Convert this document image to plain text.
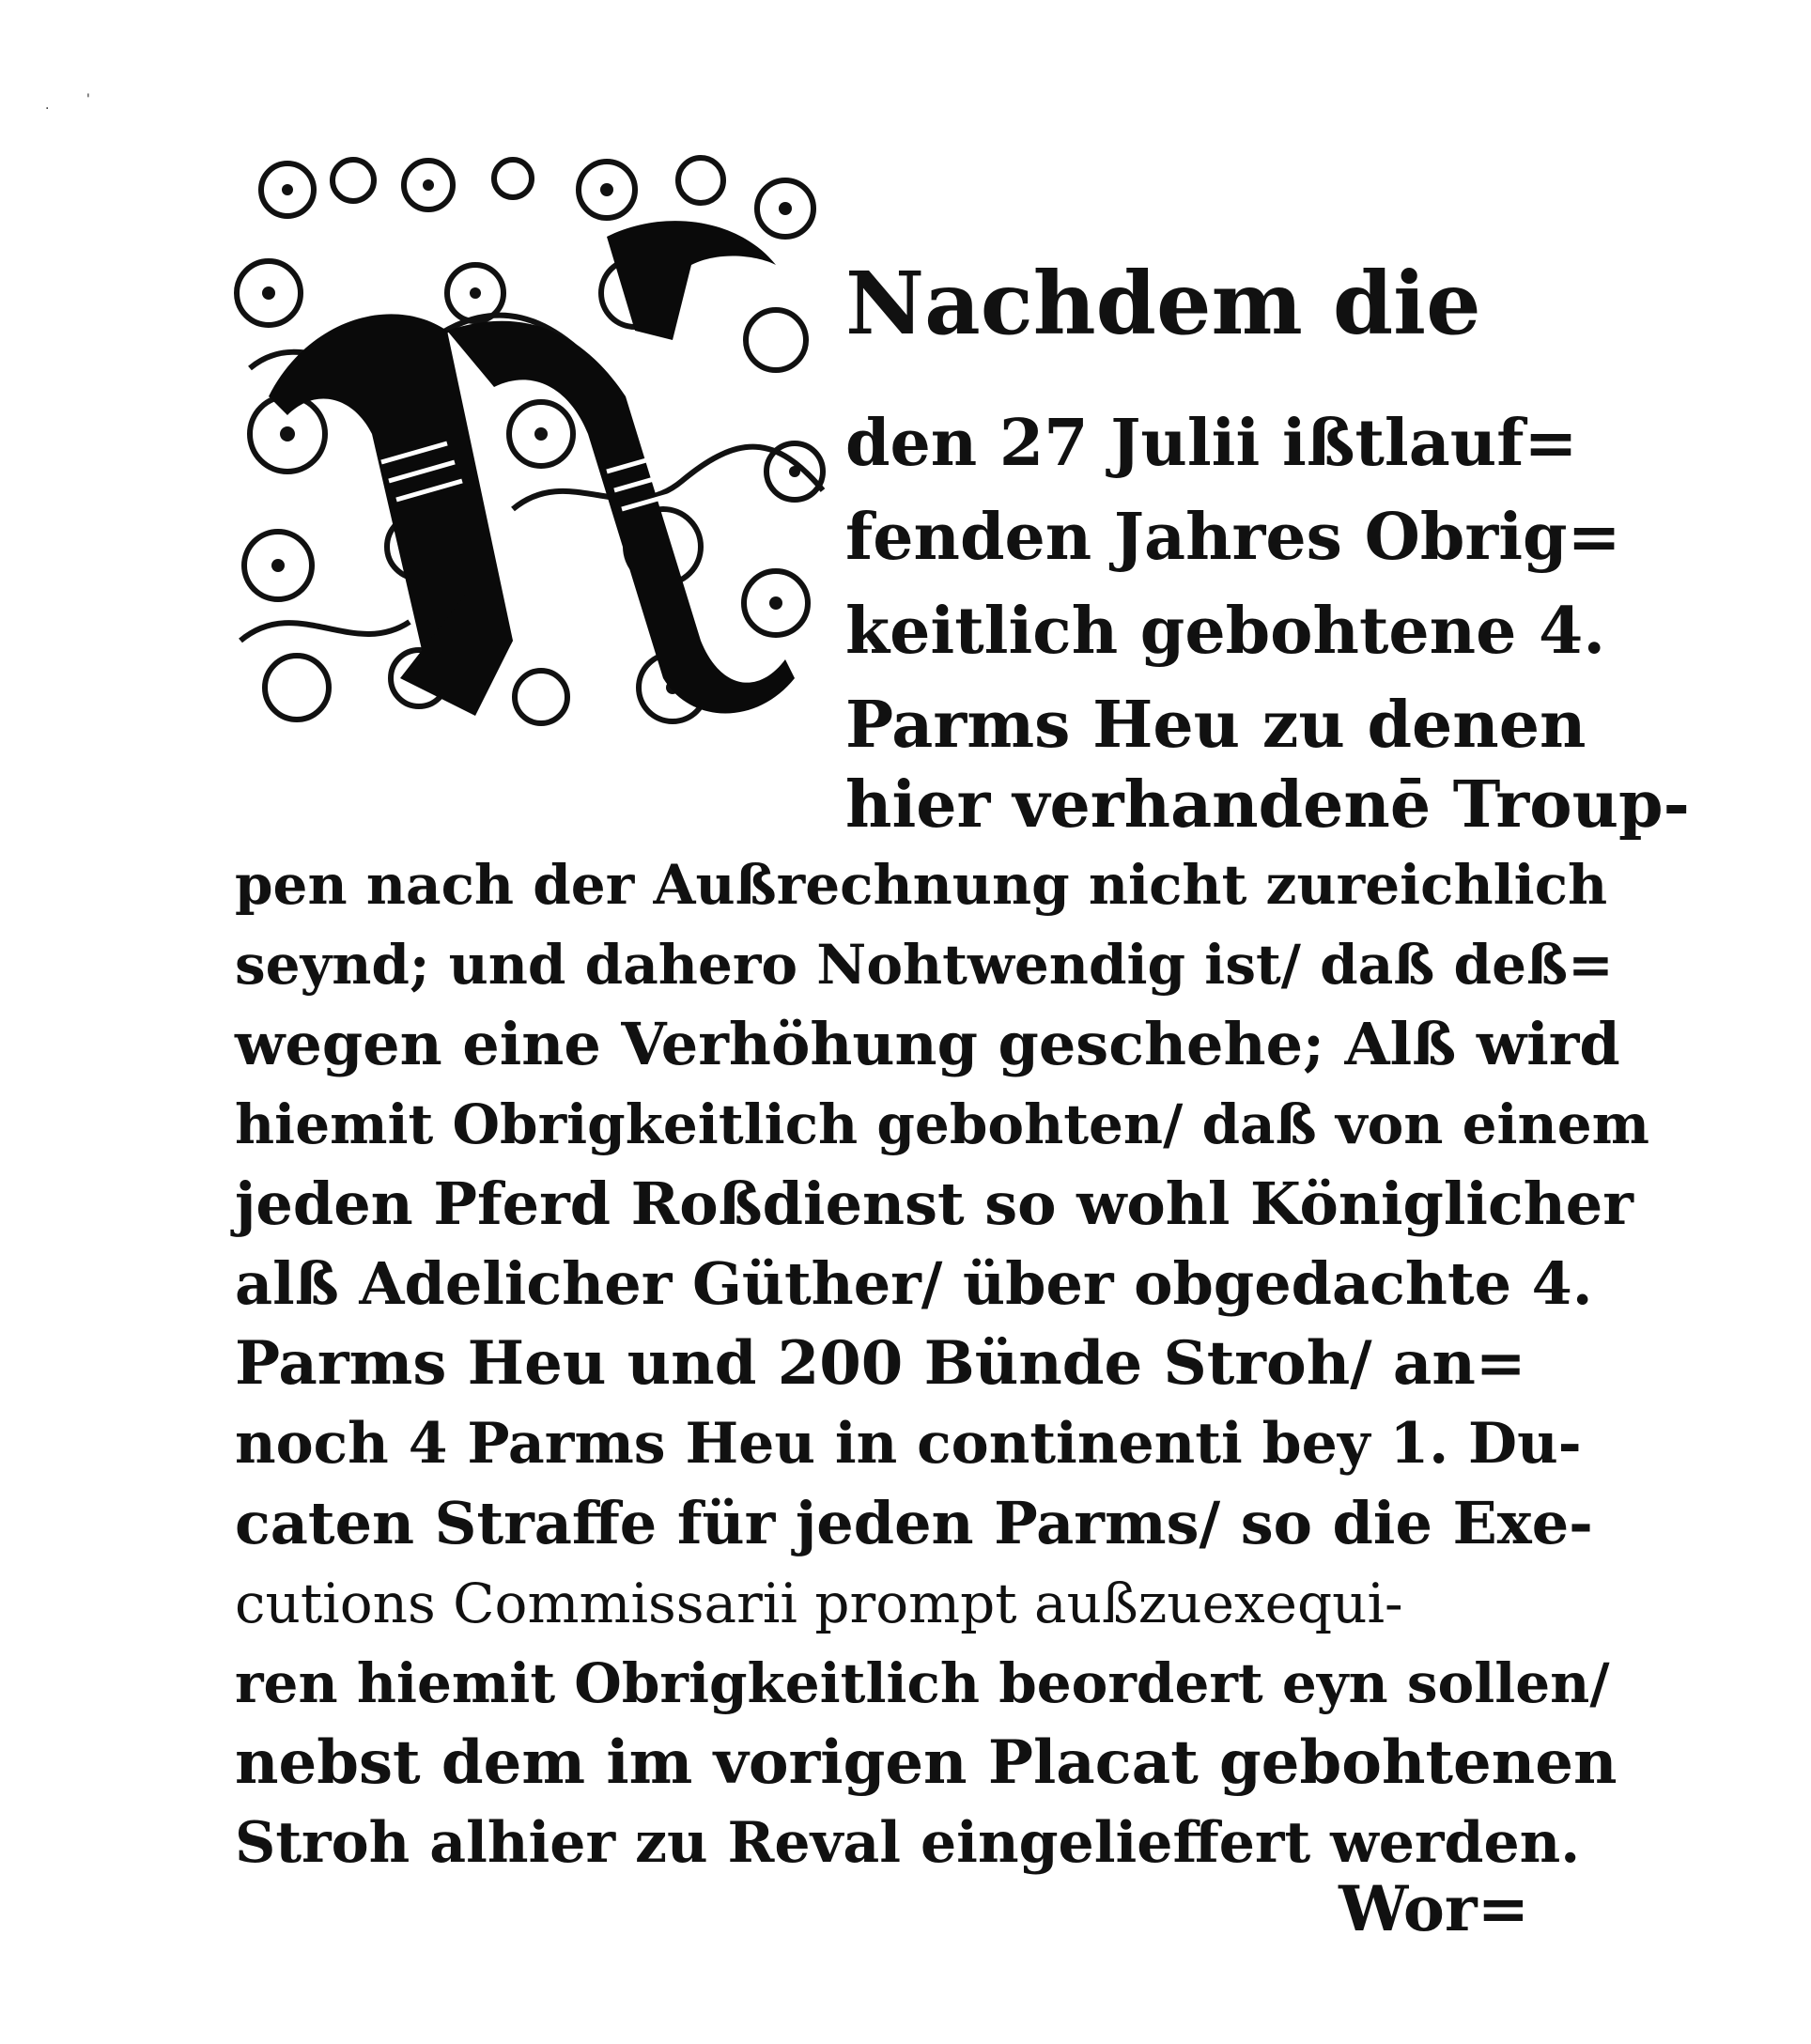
.	'
Nachdem die
den 27 Julii ißtlauf=
fenden Jahres Obrig=
keitlich gebohtene 4.
Parms Heu zu denen
hier verhandenē Troup-
pen nach der Außrechnung nicht zureichlich
seynd; und dahero Nohtwendig ist/ daß deß=
wegen eine Verhöhung geschehe; Alß wird
hiemit Obrigkeitlich gebohten/ daß von einem
jeden Pferd Roßdienst so wohl Königlicher
alß Adelicher Güther/ über obgedachte 4.
Parms Heu und 200 Bünde Stroh/ an=
noch 4 Parms Heu in continenti bey 1. Du-
caten Straffe für jeden Parms/ so die Exe-
cutions Commissarii prompt außzuexequi-
ren hiemit Obrigkeitlich beordert eyn sollen/
nebst dem im vorigen Placat gebohtenen
Stroh alhier zu Reval eingelieffert werden.
Wor=
